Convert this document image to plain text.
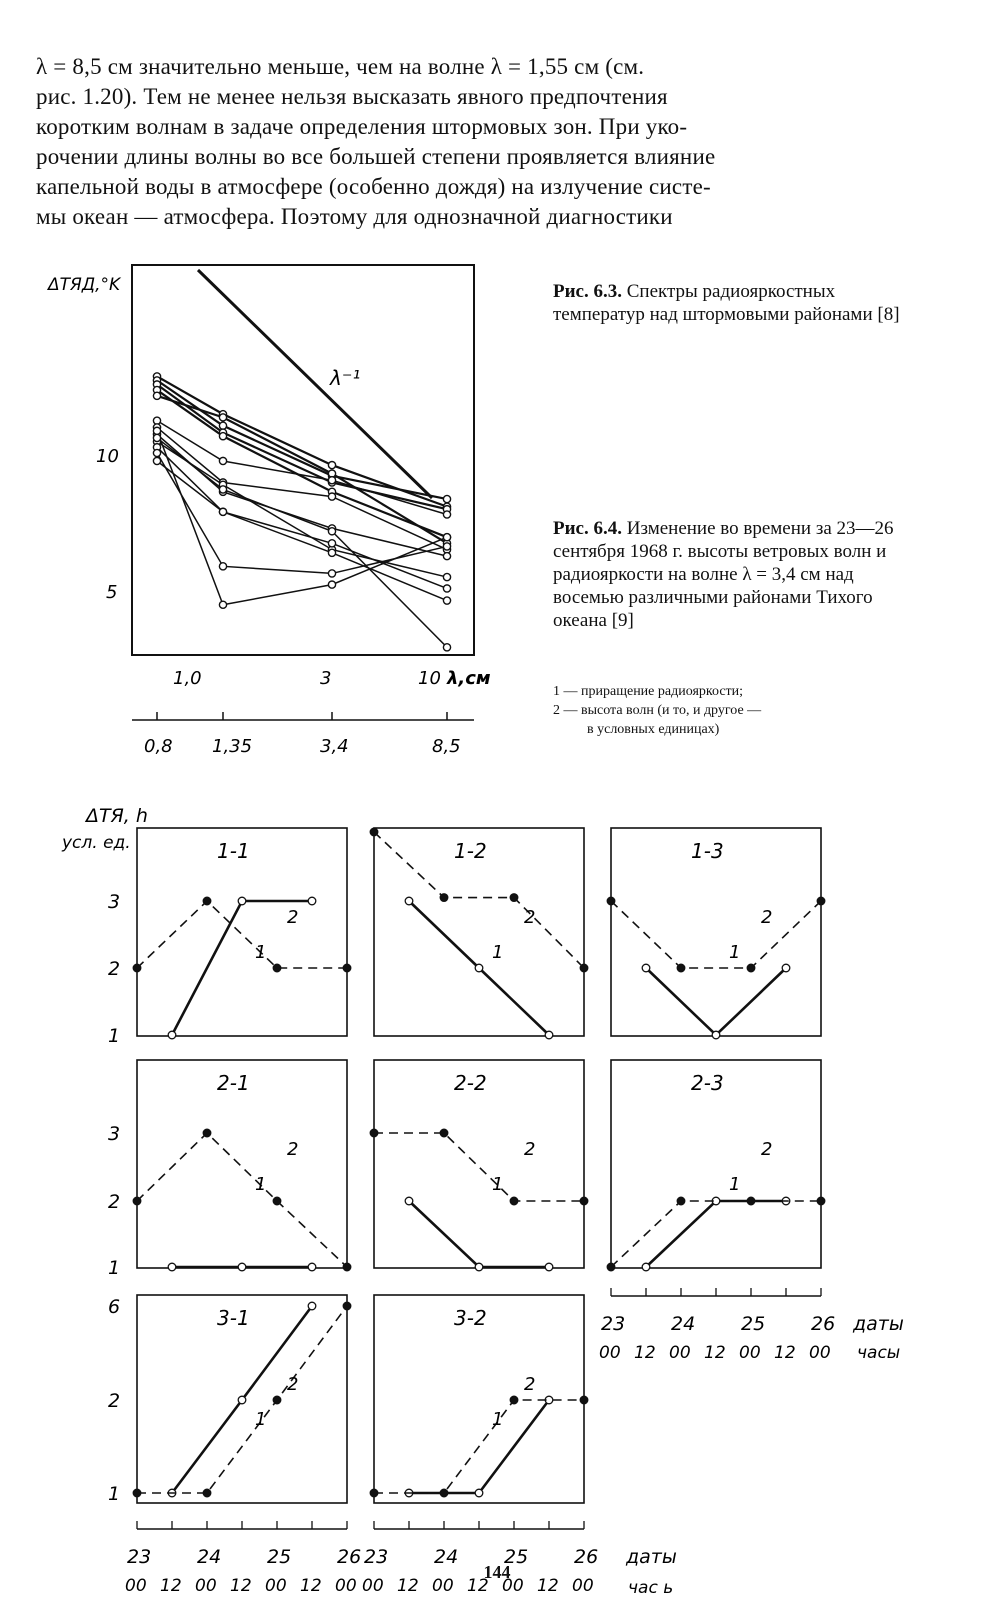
λ = 8,5 см значительно меньше, чем на волне λ = 1,55 см (см.
рис. 1.20). Тем не менее нельзя высказать явного предпочтения
коротким волнам в задаче определения штормовых зон. При уко-
рочении длины волны во все большей степени проявляется влияние
капельной воды в атмосфере (особенно дождя) на излучение систе-
мы океан — атмосфера. Поэтому для однозначной диагностики
ΔTЯД,°K
10
5
1,0	3	10 λ,см
0,8 1,35	3,4	8,5
λ⁻¹
Рис. 6.3. Спектры радиояркостных температур над штормовыми районами [8]
Рис. 6.4. Изменение во времени за 23—26 сентября 1968 г. высоты ветровых волн и радиояркости на волне λ = 3,4 см над восемью различными районами Тихого океана [9]
1 — приращение радиояркости;
2 — высота волн (и то, и другое —
в условных единицах)
ΔTЯ, h
усл. ед.	1-1
1
2
1-2
1
2
1-3
1
2
2-1
1
2
2-2
1
2
2-3
1
2
3-1
1
2
3-2
1
2
3
2
1
3
2
1
6
2
1
23 24 25 26
00 12 00 12 00 12 00
23 24 25 26
00 12 00 12 00 12 00
23 24 25 26
00 12 00 12 00 12 00
даты
часы
даты
час ь
144
